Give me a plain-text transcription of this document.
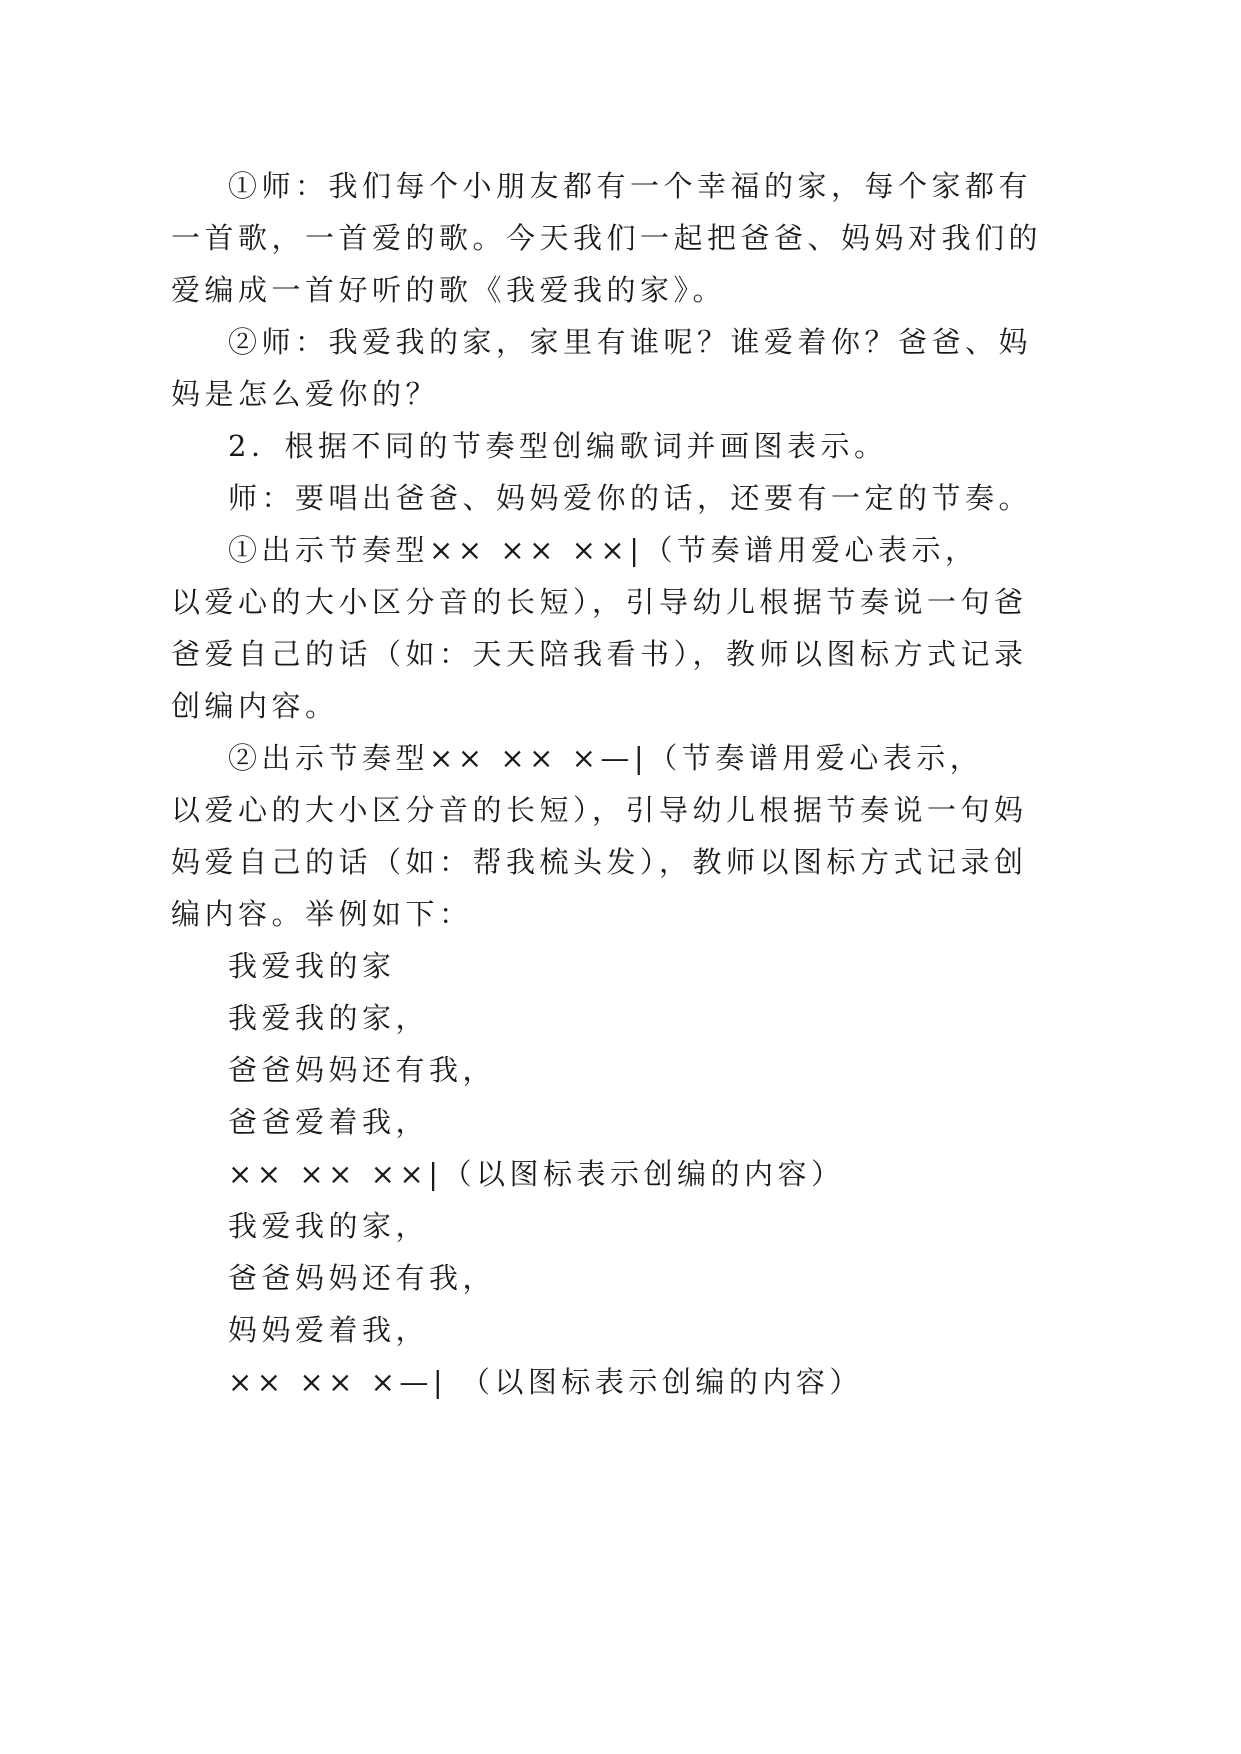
①师：我们每个小朋友都有一个幸福的家，每个家都有

一首歌，一首爱的歌。今天我们一起把爸爸、妈妈对我们的

爱编成一首好听的歌《我爱我的家》。

②师：我爱我的家，家里有谁呢？谁爱着你？爸爸、妈

妈是怎么爱你的？

2．根据不同的节奏型创编歌词并画图表示。

师：要唱出爸爸、妈妈爱你的话，还要有一定的节奏。

①出示节奏型×× ×× ××|（节奏谱用爱心表示，

以爱心的大小区分音的长短），引导幼儿根据节奏说一句爸

爸爱自己的话（如：天天陪我看书），教师以图标方式记录

创编内容。

②出示节奏型×× ×× ×—|（节奏谱用爱心表示，

以爱心的大小区分音的长短），引导幼儿根据节奏说一句妈

妈爱自己的话（如：帮我梳头发），教师以图标方式记录创

编内容。举例如下：

我爱我的家

我爱我的家，

爸爸妈妈还有我，

爸爸爱着我，

×× ×× ××|（以图标表示创编的内容）

我爱我的家，

爸爸妈妈还有我，

妈妈爱着我，

×× ×× ×—| （以图标表示创编的内容）
